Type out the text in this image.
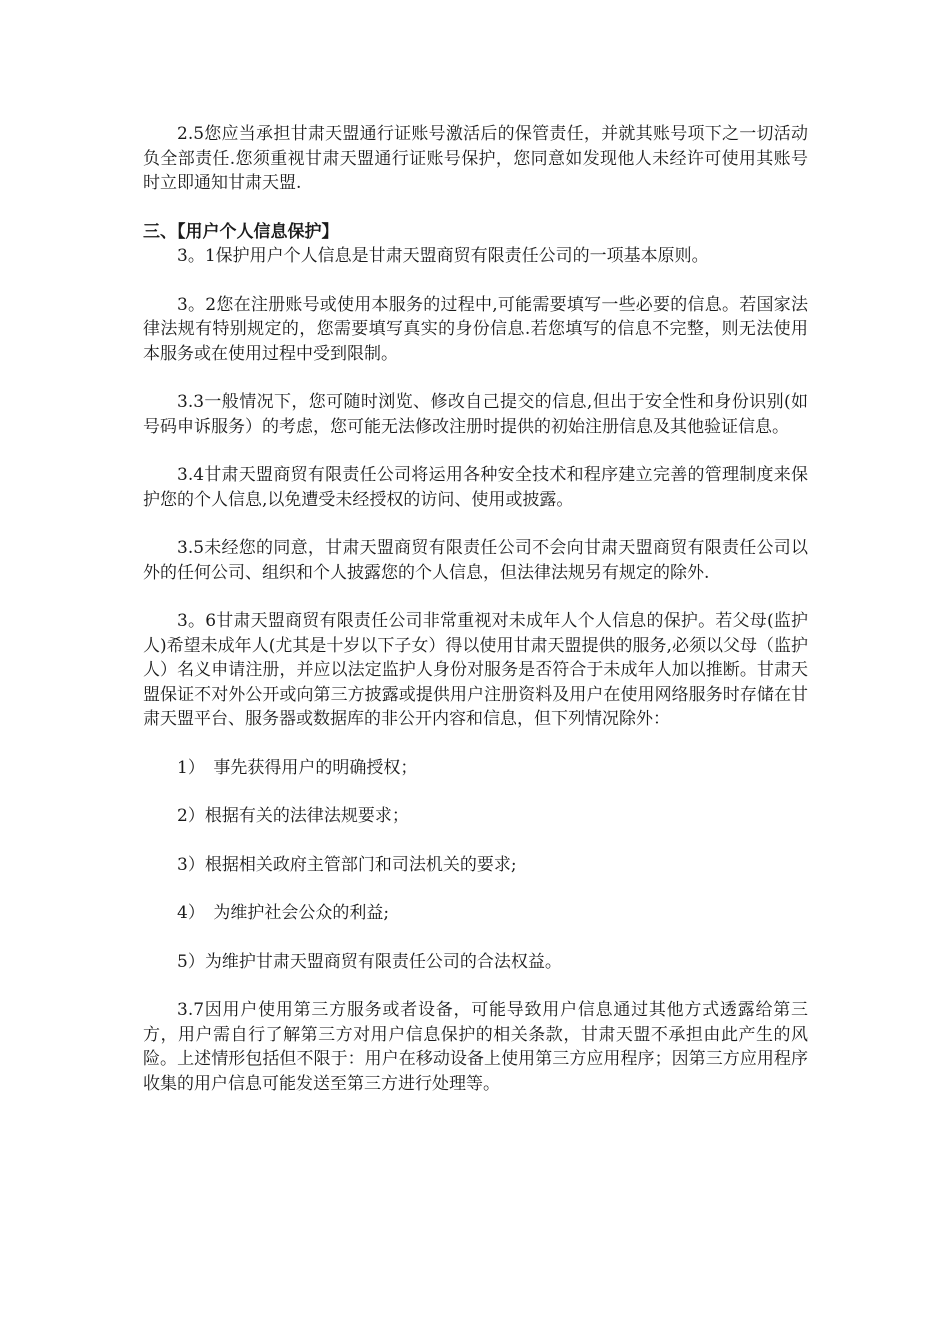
2.5您应当承担甘肃天盟通行证账号激活后的保管责任，并就其账号项下之一切活动负全部责任.您须重视甘肃天盟通行证账号保护，您同意如发现他人未经许可使用其账号时立即通知甘肃天盟.

三、【用户个人信息保护】

3。1保护用户个人信息是甘肃天盟商贸有限责任公司的一项基本原则。

3。2您在注册账号或使用本服务的过程中,可能需要填写一些必要的信息。若国家法律法规有特别规定的，您需要填写真实的身份信息.若您填写的信息不完整，则无法使用本服务或在使用过程中受到限制。

3.3一般情况下，您可随时浏览、修改自己提交的信息,但出于安全性和身份识别(如号码申诉服务）的考虑，您可能无法修改注册时提供的初始注册信息及其他验证信息。

3.4甘肃天盟商贸有限责任公司将运用各种安全技术和程序建立完善的管理制度来保护您的个人信息,以免遭受未经授权的访问、使用或披露。

3.5未经您的同意，甘肃天盟商贸有限责任公司不会向甘肃天盟商贸有限责任公司以外的任何公司、组织和个人披露您的个人信息，但法律法规另有规定的除外.

3。6甘肃天盟商贸有限责任公司非常重视对未成年人个人信息的保护。若父母(监护人)希望未成年人(尤其是十岁以下子女）得以使用甘肃天盟提供的服务,必须以父母（监护人）名义申请注册，并应以法定监护人身份对服务是否符合于未成年人加以推断。甘肃天盟保证不对外公开或向第三方披露或提供用户注册资料及用户在使用网络服务时存储在甘肃天盟平台、服务器或数据库的非公开内容和信息，但下列情况除外：

1）　事先获得用户的明确授权；

2）根据有关的法律法规要求；

3）根据相关政府主管部门和司法机关的要求;

4）　为维护社会公众的利益;

5）为维护甘肃天盟商贸有限责任公司的合法权益。

3.7因用户使用第三方服务或者设备，可能导致用户信息通过其他方式透露给第三方，用户需自行了解第三方对用户信息保护的相关条款，甘肃天盟不承担由此产生的风险。上述情形包括但不限于：用户在移动设备上使用第三方应用程序；因第三方应用程序收集的用户信息可能发送至第三方进行处理等。
